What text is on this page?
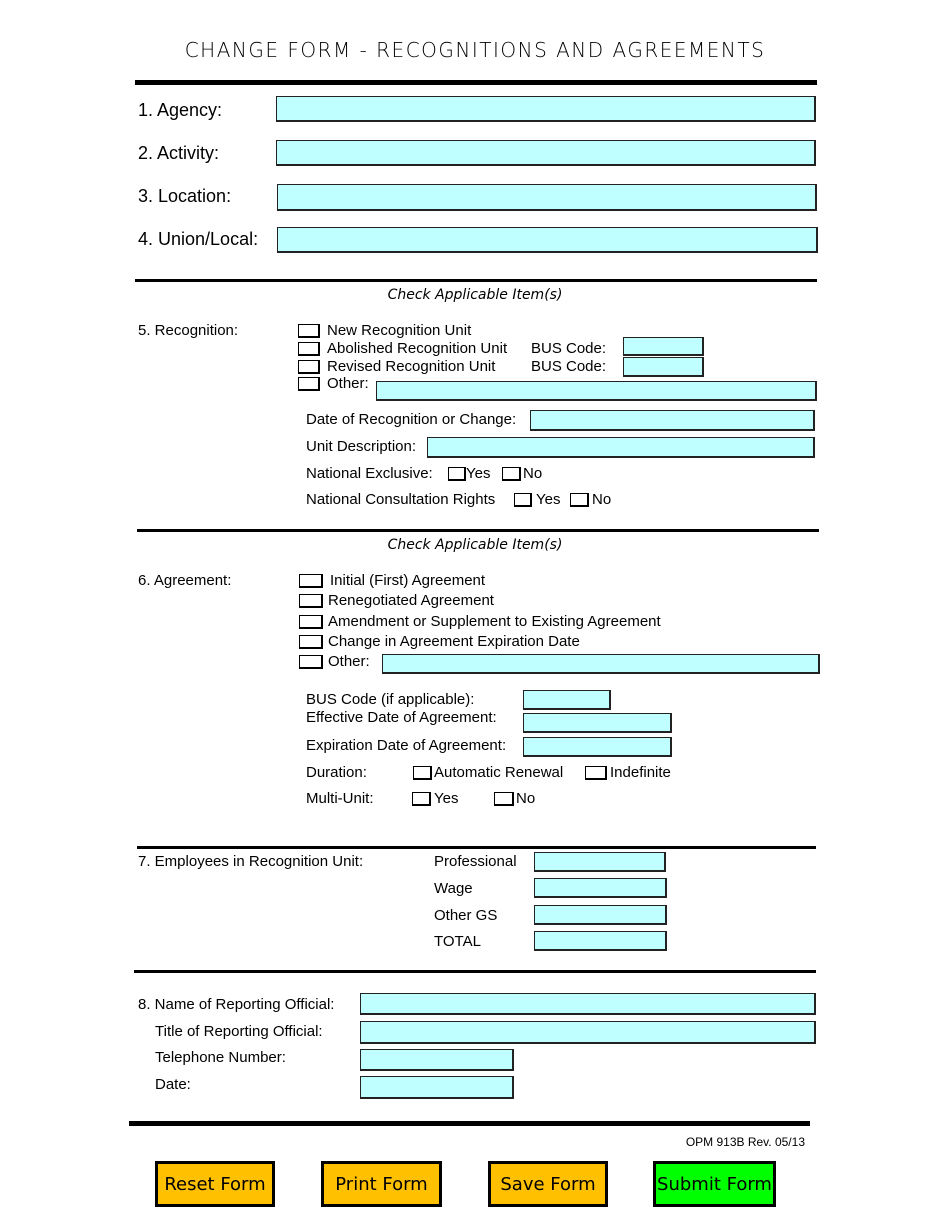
CHANGE FORM - RECOGNITIONS AND AGREEMENTS
1. Agency:
2. Activity:
3. Location:
4. Union/Local:
Check Applicable Item(s)
5. Recognition:	New Recognition Unit
Abolished Recognition Unit BUS Code:
Revised Recognition Unit BUS Code:
Other:
Date of Recognition or Change:
Unit Description:
National Exclusive: Yes No
National Consultation Rights	Yes No
Check Applicable Item(s)
6. Agreement:	Initial (First) Agreement
Renegotiated Agreement
Amendment or Supplement to Existing Agreement
Change in Agreement Expiration Date
Other:
BUS Code (if applicable):
Effective Date of Agreement:
Expiration Date of Agreement:
Duration:	Automatic Renewal	Indefinite
Multi-Unit:	Yes	No
7. Employees in Recognition Unit:	Professional
Wage
Other GS
TOTAL
8. Name of Reporting Official:
Title of Reporting Official:
Telephone Number:
Date:
OPM 913B Rev. 05/13
Reset Form	Print Form	Save Form	Submit Form
